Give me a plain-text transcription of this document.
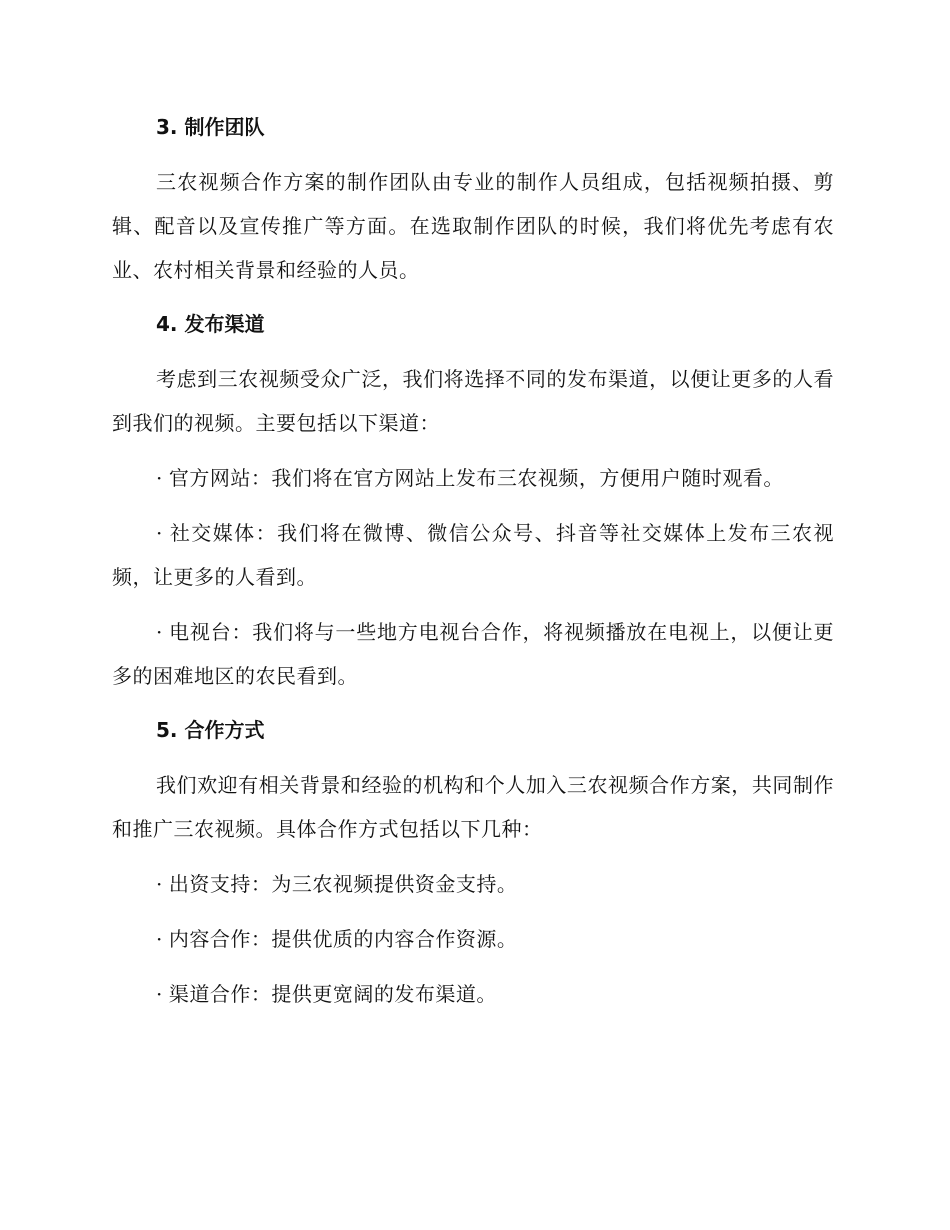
3. 制作团队

三农视频合作方案的制作团队由专业的制作人员组成，包括视频拍摄、剪辑、配音以及宣传推广等方面。在选取制作团队的时候，我们将优先考虑有农业、农村相关背景和经验的人员。

4. 发布渠道

考虑到三农视频受众广泛，我们将选择不同的发布渠道，以便让更多的人看到我们的视频。主要包括以下渠道：

· 官方网站：我们将在官方网站上发布三农视频，方便用户随时观看。

· 社交媒体：我们将在微博、微信公众号、抖音等社交媒体上发布三农视频，让更多的人看到。

· 电视台：我们将与一些地方电视台合作，将视频播放在电视上，以便让更多的困难地区的农民看到。

5. 合作方式

我们欢迎有相关背景和经验的机构和个人加入三农视频合作方案，共同制作和推广三农视频。具体合作方式包括以下几种：

· 出资支持：为三农视频提供资金支持。

· 内容合作：提供优质的内容合作资源。

· 渠道合作：提供更宽阔的发布渠道。
